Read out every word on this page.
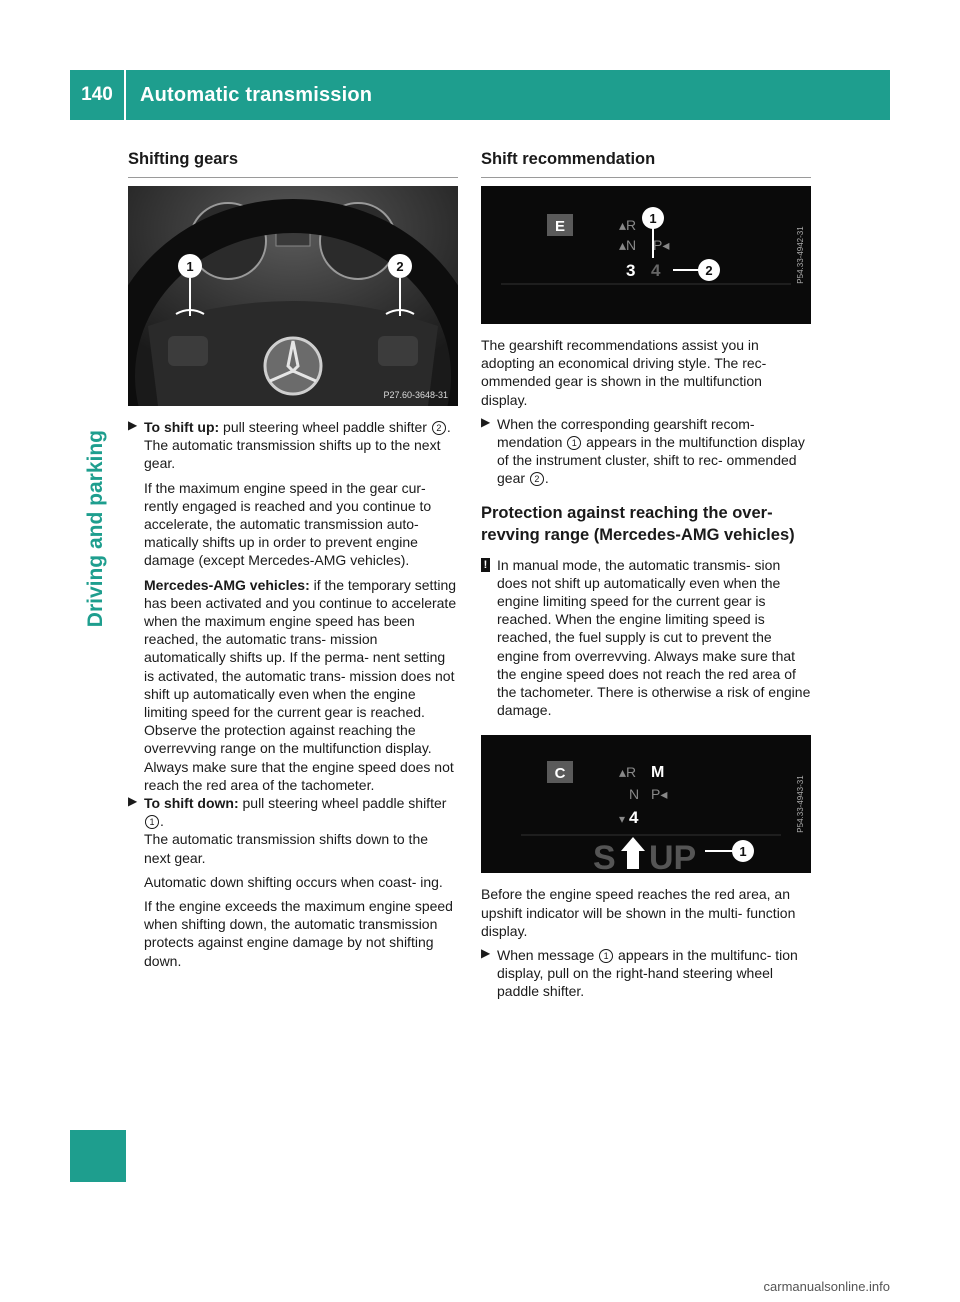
140	Automatic transmission
Driving and parking
Shifting gears
1	2
P27.60-3648-31
▶ To shift up: pull steering wheel paddle shifter 2 .

The automatic transmission shifts up to the next gear.

If the maximum engine speed in the gear cur- rently engaged is reached and you continue to accelerate, the automatic transmission auto- matically shifts up in order to prevent engine damage (except Mercedes-AMG vehicles).

Mercedes-AMG vehicles: if the temporary setting has been activated and you continue to accelerate when the maximum engine speed has been reached, the automatic trans- mission automatically shifts up. If the perma- nent setting is activated, the automatic trans- mission does not shift up automatically even when the engine limiting speed for the current gear is reached. Observe the protection against reaching the overrevving range on the multifunction display. Always make sure that the engine speed does not reach the red area of the tachometer.

▶ To shift down: pull steering wheel paddle shifter 1 .

The automatic transmission shifts down to the next gear.

Automatic down shifting occurs when coast- ing.

If the engine exceeds the maximum engine speed when shifting down, the automatic transmission protects against engine damage by not shifting down.

Shift recommendation
E	▴R
▴N P◂
3 4
1
2	P54.33-4942-31

The gearshift recommendations assist you in adopting an economical driving style. The rec- ommended gear is shown in the multifunction display.

▶ When the corresponding gearshift recom- mendation 1 appears in the multifunction display of the instrument cluster, shift to rec- ommended gear 2 .

Protection against reaching the over- revving range (Mercedes-AMG vehicles)
! In manual mode, the automatic transmis- sion does not shift up automatically even when the engine limiting speed for the current gear is reached. When the engine limiting speed is reached, the fuel supply is cut to prevent the engine from overrevving. Always make sure that the engine speed does not reach the red area of the tachometer. There is otherwise a risk of engine damage.

C	▴R M
N P◂
▾ 4
S UP	1
P54.33-4943-31

Before the engine speed reaches the red area, an upshift indicator will be shown in the multi- function display.

▶ When message 1 appears in the multifunc- tion display, pull on the right-hand steering wheel paddle shifter.

carmanualsonline.info
